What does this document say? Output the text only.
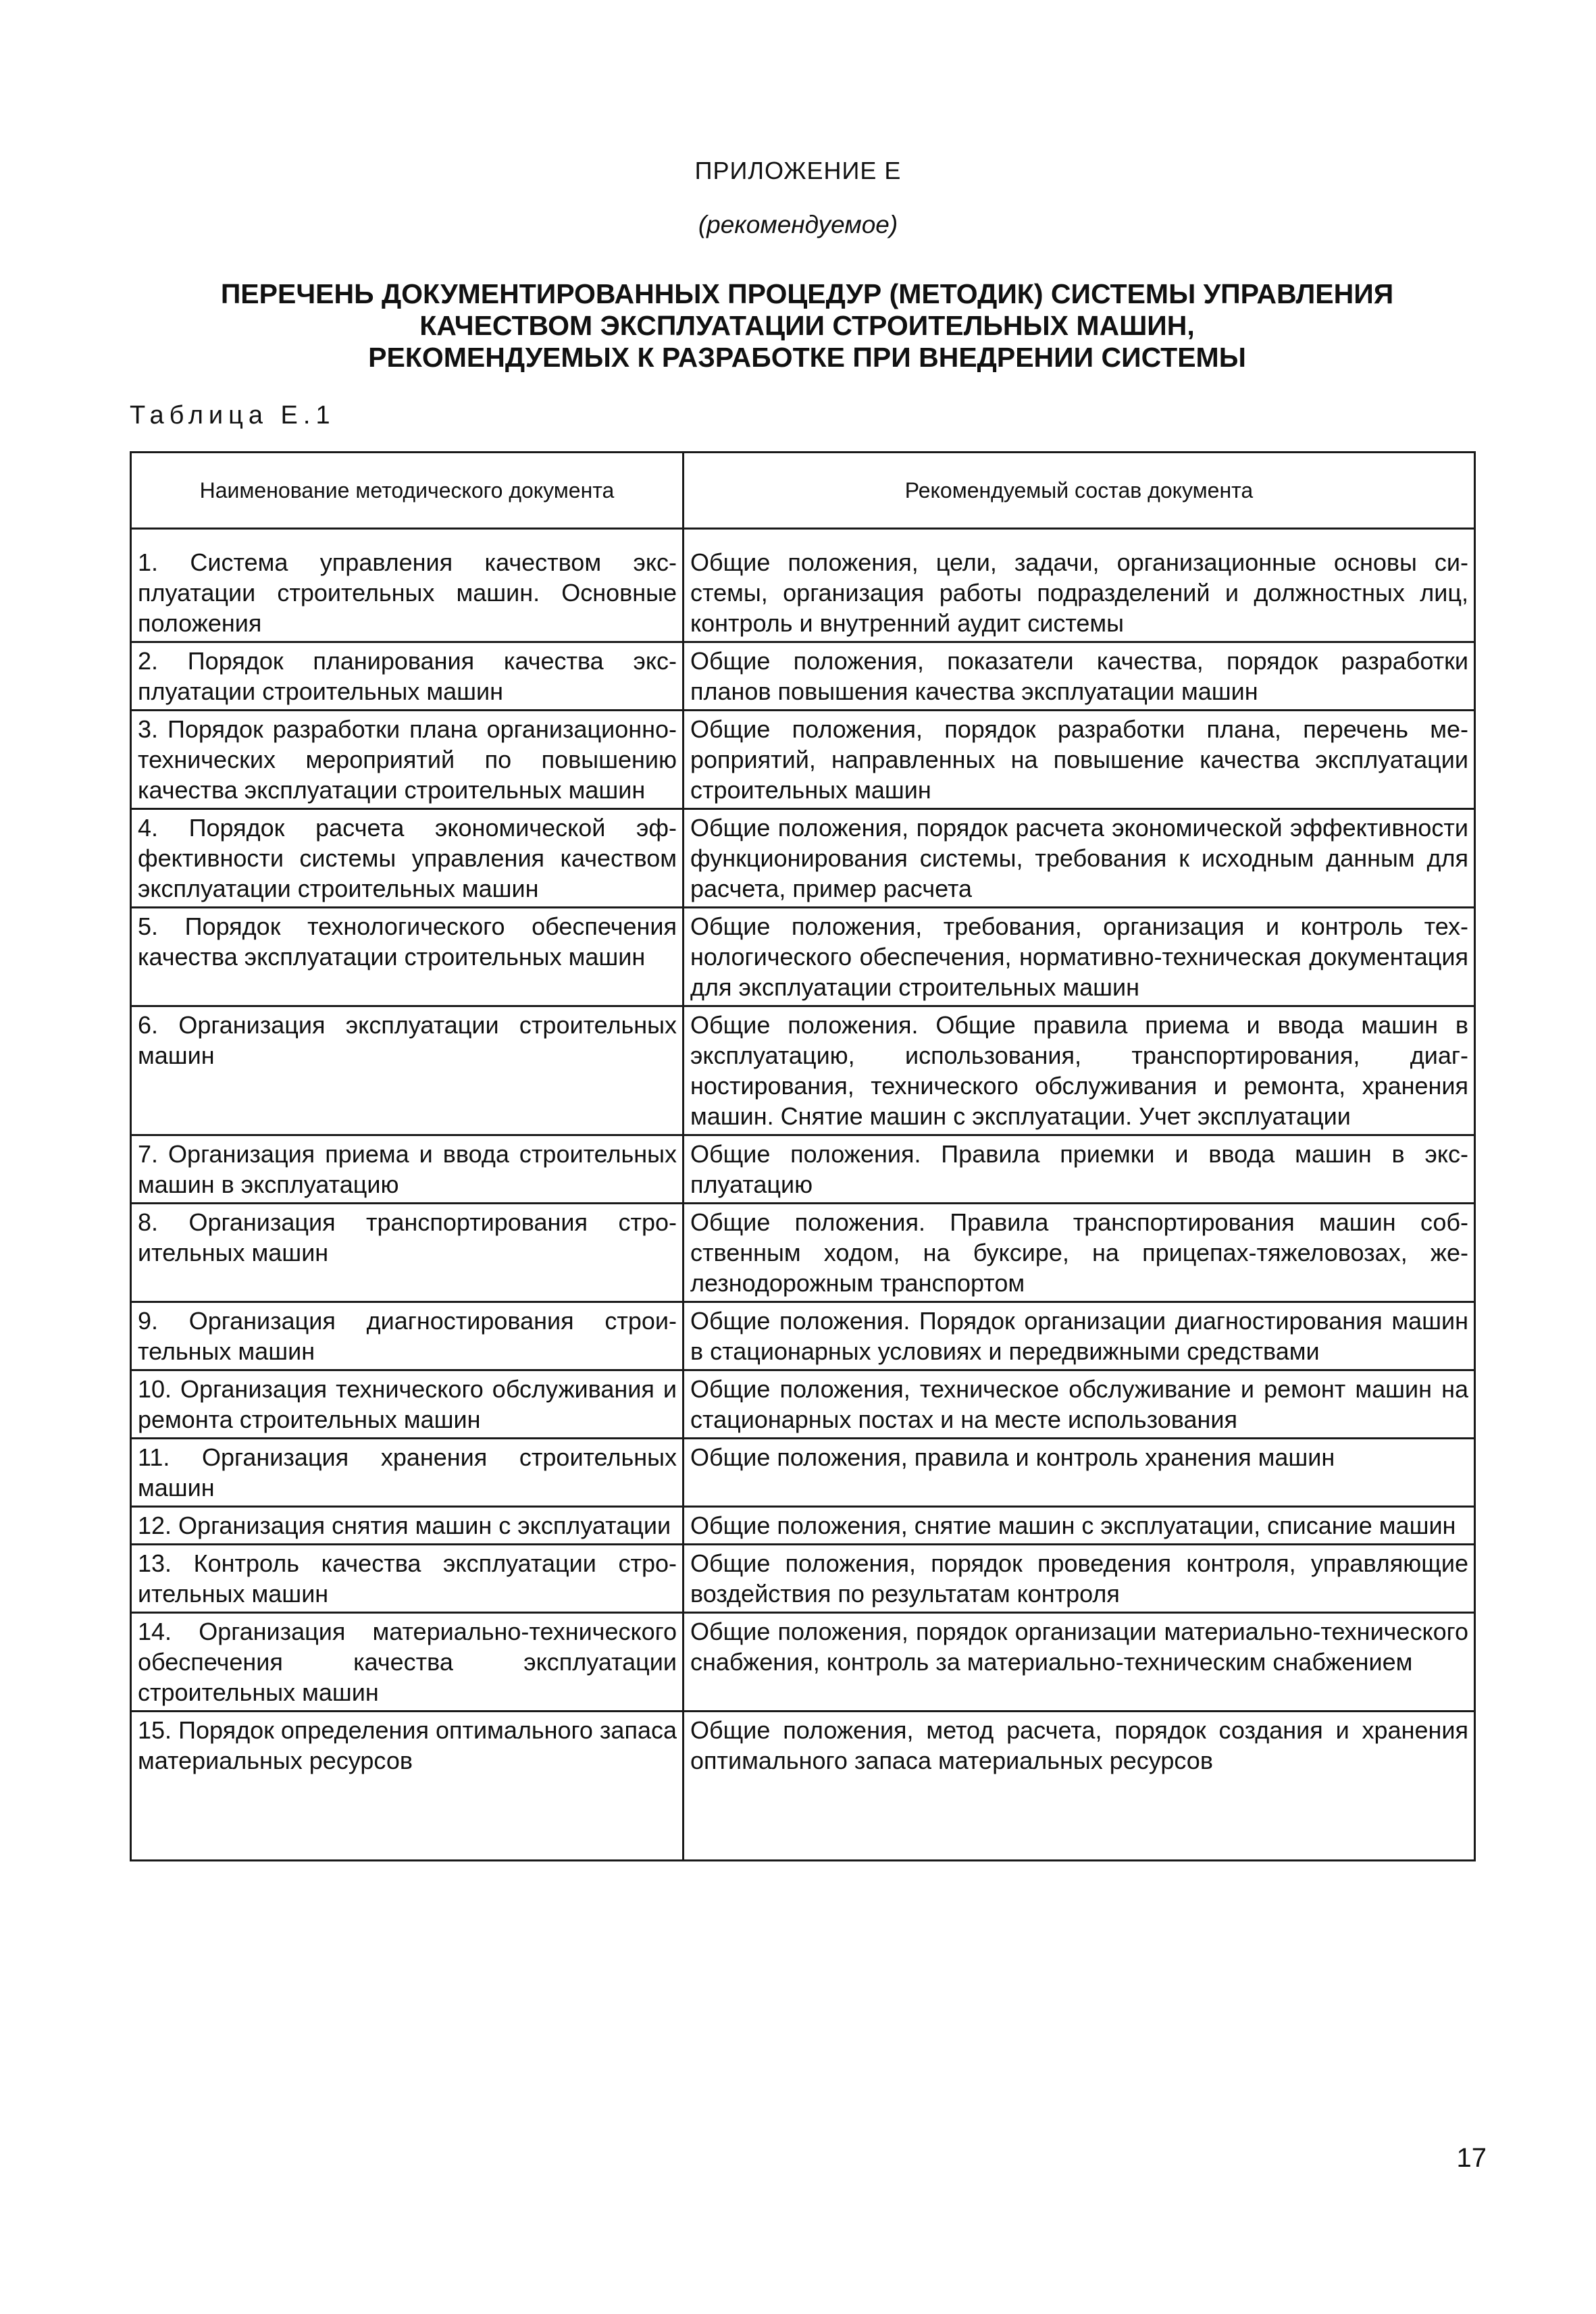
ПРИЛОЖЕНИЕ Е
(рекомендуемое)
ПЕРЕЧЕНЬ ДОКУМЕНТИРОВАННЫХ ПРОЦЕДУР (МЕТОДИК) СИСТЕМЫ УПРАВЛЕНИЯ
КАЧЕСТВОМ ЭКСПЛУАТАЦИИ СТРОИТЕЛЬНЫХ МАШИН,
РЕКОМЕНДУЕМЫХ К РАЗРАБОТКЕ ПРИ ВНЕДРЕНИИ СИСТЕМЫ
Таблица Е.1
Наименование методического документа	Рекомендуемый состав документа
1. Система управления качеством эксплуатации строительных машин. Основные положения	Общие положения, цели, задачи, организационные основы системы, организация работы подразделений и должностных лиц, контроль и внутренний аудит системы
2. Порядок планирования качества эксплуатации строительных машин	Общие положения, показатели качества, порядок разработки планов повышения качества эксплуатации машин
3. Порядок разработки плана организационно-технических мероприятий по повышению качества эксплуатации строительных машин	Общие положения, порядок разработки плана, перечень мероприятий, направленных на повышение качества эксплуатации строительных машин
4. Порядок расчета экономической эффективности системы управления качеством эксплуатации строительных машин	Общие положения, порядок расчета экономической эффективности функционирования системы, требования к исходным данным для расчета, пример расчета
5. Порядок технологического обеспечения качества эксплуатации строительных машин	Общие положения, требования, организация и контроль технологического обеспечения, нормативно-техническая документация для эксплуатации строительных машин
6. Организация эксплуатации строительных машин	Общие положения. Общие правила приема и ввода машин в эксплуатацию, использования, транспортирования, диагностирования, технического обслуживания и ремонта, хранения машин. Снятие машин с эксплуатации. Учет эксплуатации
7. Организация приема и ввода строительных машин в эксплуатацию	Общие положения. Правила приемки и ввода машин в эксплуатацию
8. Организация транспортирования строительных машин	Общие положения. Правила транспортирования машин собственным ходом, на буксире, на прицепах-тяжеловозах, железнодорожным транспортом
9. Организация диагностирования строительных машин	Общие положения. Порядок организации диагностирования машин в стационарных условиях и передвижными средствами
10. Организация технического обслуживания и ремонта строительных машин	Общие положения, техническое обслуживание и ремонт машин на стационарных постах и на месте использования
11. Организация хранения строительных машин	Общие положения, правила и контроль хранения машин
12. Организация снятия машин с эксплуатации	Общие положения, снятие машин с эксплуатации, списание машин
13. Контроль качества эксплуатации строительных машин	Общие положения, порядок проведения контроля, управляющие воздействия по результатам контроля
14. Организация материально-технического обеспечения качества эксплуатации строительных машин	Общие положения, порядок организации материально-технического снабжения, контроль за материально-техническим снабжением
15. Порядок определения оптимального запаса материальных ресурсов	Общие положения, метод расчета, порядок создания и хранения оптимального запаса материальных ресурсов
17
